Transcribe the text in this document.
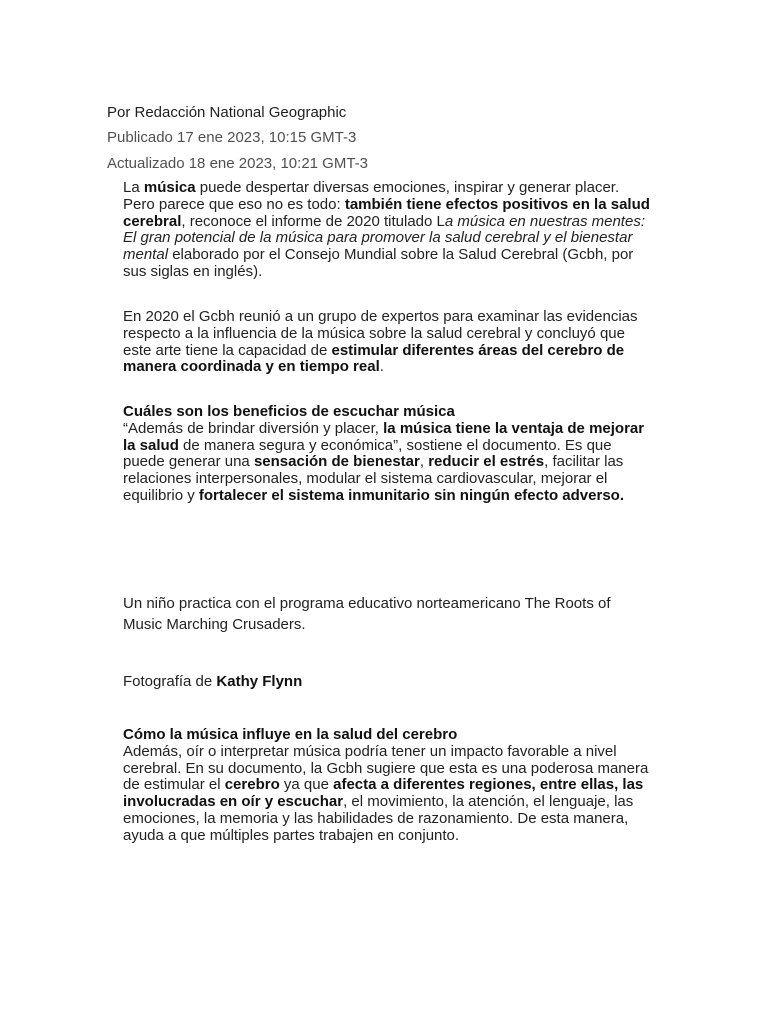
Por Redacción National Geographic
Publicado 17 ene 2023, 10:15 GMT-3
Actualizado 18 ene 2023, 10:21 GMT-3
La música puede despertar diversas emociones, inspirar y generar placer. Pero parece que eso no es todo: también tiene efectos positivos en la salud cerebral, reconoce el informe de 2020 titulado La música en nuestras mentes: El gran potencial de la música para promover la salud cerebral y el bienestar mental elaborado por el Consejo Mundial sobre la Salud Cerebral (Gcbh, por sus siglas en inglés).
En 2020 el Gcbh reunió a un grupo de expertos para examinar las evidencias respecto a la influencia de la música sobre la salud cerebral y concluyó que este arte tiene la capacidad de estimular diferentes áreas del cerebro de manera coordinada y en tiempo real.
Cuáles son los beneficios de escuchar música
“Además de brindar diversión y placer, la música tiene la ventaja de mejorar la salud de manera segura y económica”, sostiene el documento. Es que puede generar una sensación de bienestar, reducir el estrés, facilitar las relaciones interpersonales, modular el sistema cardiovascular, mejorar el equilibrio y fortalecer el sistema inmunitario sin ningún efecto adverso.
Un niño practica con el programa educativo norteamericano The Roots of Music Marching Crusaders.
Fotografía de Kathy Flynn
Cómo la música influye en la salud del cerebro
Además, oír o interpretar música podría tener un impacto favorable a nivel cerebral. En su documento, la Gcbh sugiere que esta es una poderosa manera de estimular el cerebro ya que afecta a diferentes regiones, entre ellas, las involucradas en oír y escuchar, el movimiento, la atención, el lenguaje, las emociones, la memoria y las habilidades de razonamiento. De esta manera, ayuda a que múltiples partes trabajen en conjunto.
